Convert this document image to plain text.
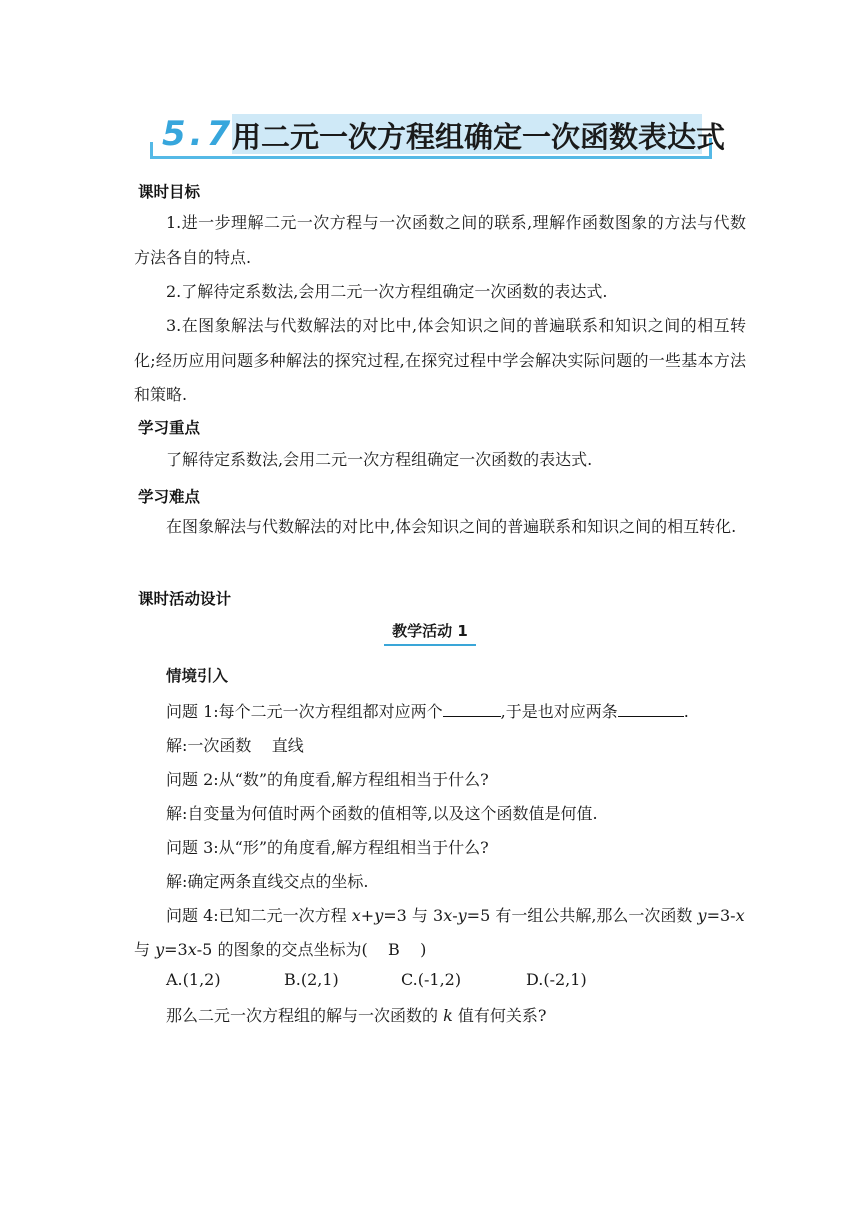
5.7
用二元一次方程组确定一次函数表达式
课时目标

1.进一步理解二元一次方程与一次函数之间的联系,理解作函数图象的方法与代数方法各自的特点.

2.了解待定系数法,会用二元一次方程组确定一次函数的表达式.

3.在图象解法与代数解法的对比中,体会知识之间的普遍联系和知识之间的相互转化;经历应用问题多种解法的探究过程,在探究过程中学会解决实际问题的一些基本方法和策略.

学习重点

了解待定系数法,会用二元一次方程组确定一次函数的表达式.

学习难点

在图象解法与代数解法的对比中,体会知识之间的普遍联系和知识之间的相互转化.

课时活动设计
教学活动 1
情境引入
问题 1:每个二元一次方程组都对应两个	,于是也对应两条	.
解:一次函数    直线
问题 2:从“数”的角度看,解方程组相当于什么?
解:自变量为何值时两个函数的值相等,以及这个函数值是何值.
问题 3:从“形”的角度看,解方程组相当于什么?
解:确定两条直线交点的坐标.
问题 4:已知二元一次方程 x+y=3 与 3x-y=5 有一组公共解,那么一次函数 y=3-x
与 y=3x-5 的图象的交点坐标为(    B    )
A.(1,2)	B.(2,1)	C.(-1,2)	D.(-2,1)
那么二元一次方程组的解与一次函数的 k 值有何关系?
